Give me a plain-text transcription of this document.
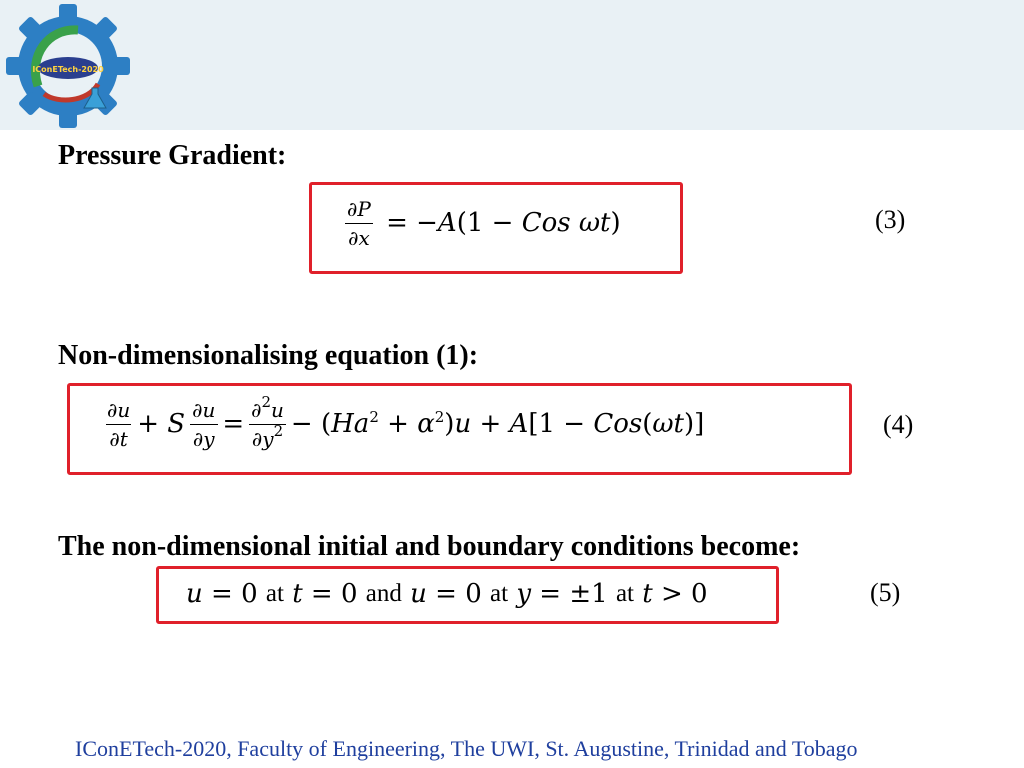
IConETech-2020
Pressure Gradient:
$\frac{\partial P}{\partial x} = -A(1$ − Cos ωt)	(3)
Non-dimensionalising equation (1):
$\frac{\partial u}{\partial t} + S \frac{\partial u}{\partial y} = \frac{\partial^2u}{\partial y^2} - (Ha^2 + \alpha^2)u + A[1 - Cos(\omega t)]$	(4)
The non-dimensional initial and boundary conditions become:
u = 0 at
t = 0 and
u = 0 at
y = ±1 at
t > 0	(5)
IConETech-2020, Faculty of Engineering, The UWI, St. Augustine, Trinidad and Tobago
